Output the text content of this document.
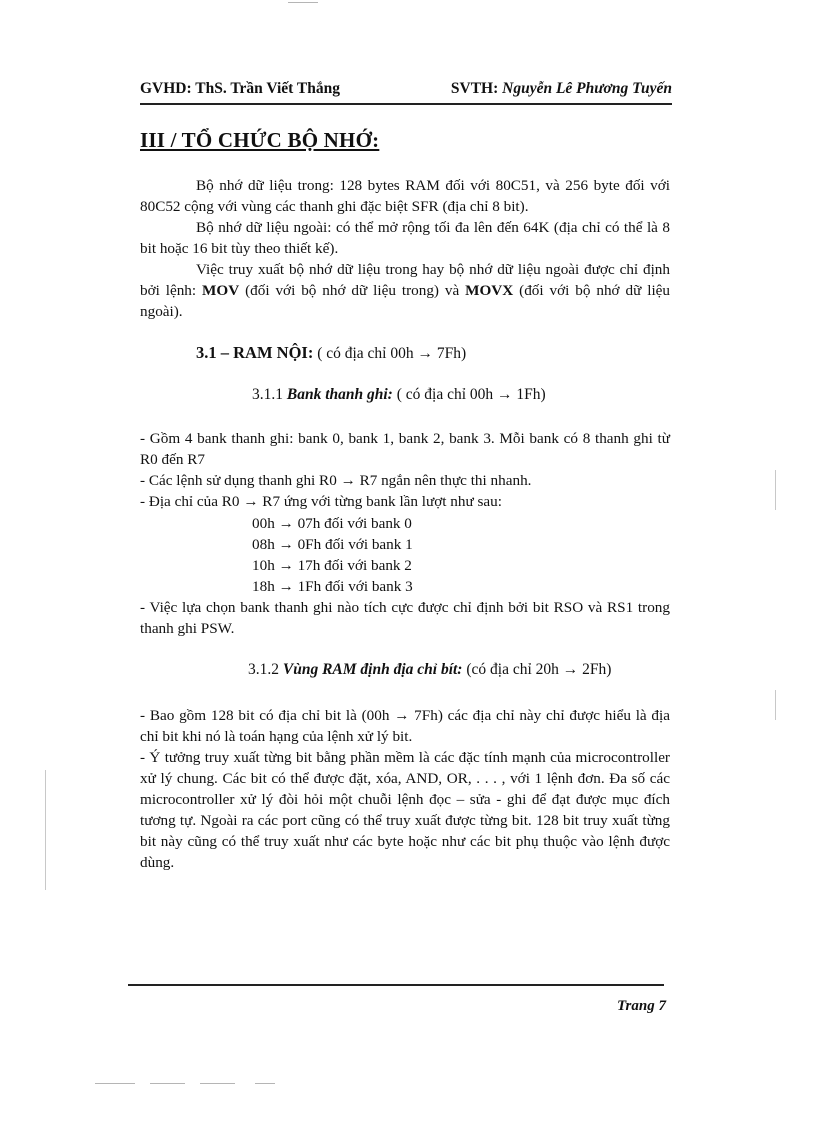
GVHD: ThS. Trần Viết Thắng	SVTH: Nguyễn Lê Phương Tuyến
III / TỔ CHỨC BỘ NHỚ:

Bộ nhớ dữ liệu trong: 128 bytes RAM đối với 80C51, và 256 byte đối với 80C52 cộng với vùng các thanh ghi đặc biệt SFR (địa chỉ 8 bit).

Bộ nhớ dữ liệu ngoài: có thể mở rộng tối đa lên đến 64K (địa chỉ có thể là 8 bit hoặc 16 bit tùy theo thiết kế).

Việc truy xuất bộ nhớ dữ liệu trong hay bộ nhớ dữ liệu ngoài được chỉ định bởi lệnh: MOV (đối với bộ nhớ dữ liệu trong) và MOVX (đối với bộ nhớ dữ liệu ngoài).

3.1 – RAM NỘI: ( có địa chỉ 00h → 7Fh)
3.1.1 Bank thanh ghi: ( có địa chỉ 00h → 1Fh)

- Gồm 4 bank thanh ghi: bank 0, bank 1, bank 2, bank 3. Mỗi bank có 8 thanh ghi từ R0 đến R7

- Các lệnh sử dụng thanh ghi R0 → R7 ngắn nên thực thi nhanh.

- Địa chỉ của R0 → R7 ứng với từng bank lần lượt như sau:

00h → 07h đối với bank 0
08h → 0Fh đối với bank 1
10h → 17h đối với bank 2
18h → 1Fh đối với bank 3

- Việc lựa chọn bank thanh ghi nào tích cực được chỉ định bởi bit RSO và RS1 trong thanh ghi PSW.

3.1.2 Vùng RAM định địa chỉ bít: (có địa chỉ 20h → 2Fh)

- Bao gồm 128 bit có địa chỉ bit là (00h → 7Fh) các địa chỉ này chỉ được hiểu là địa chỉ bit khi nó là toán hạng của lệnh xử lý bit.

- Ý tưởng truy xuất từng bit bằng phần mềm là các đặc tính mạnh của microcontroller xử lý chung. Các bit có thể được đặt, xóa, AND, OR, . . . , với 1 lệnh đơn. Đa số các microcontroller xử lý đòi hỏi một chuỗi lệnh đọc – sửa - ghi để đạt được mục đích tương tự. Ngoài ra các port cũng có thể truy xuất được từng bit. 128 bit truy xuất từng bit này cũng có thể truy xuất như các byte hoặc như các bit phụ thuộc vào lệnh được dùng.

Trang 7
